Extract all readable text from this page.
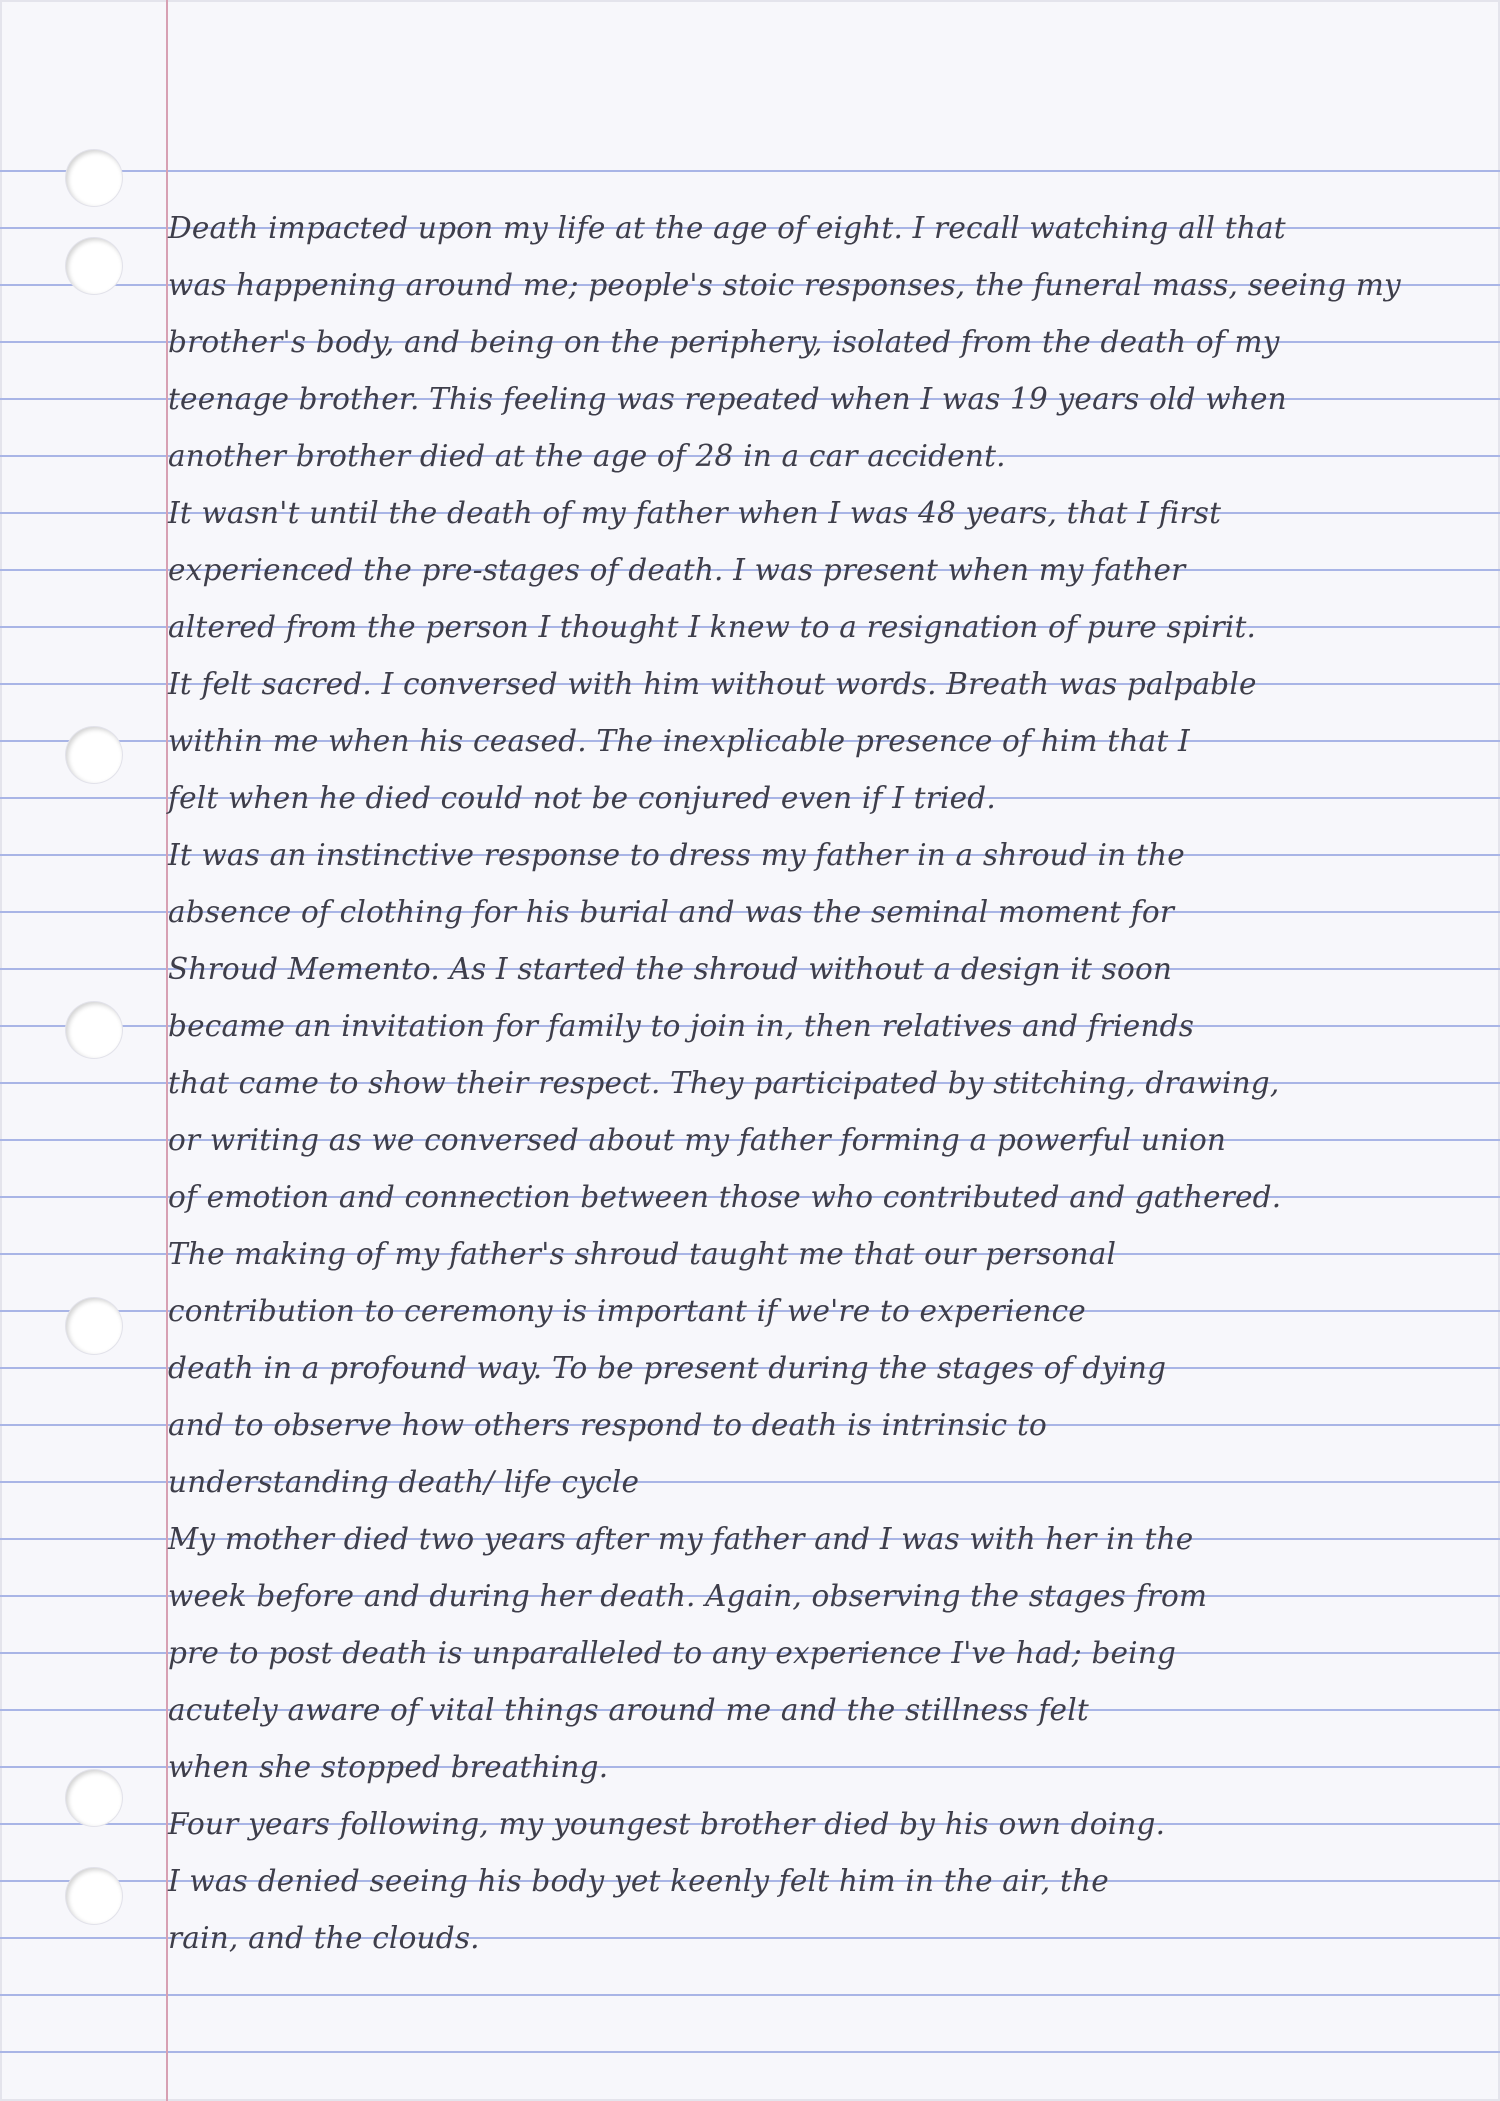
Death impacted upon my life at the age of eight. I recall watching all that
was happening around me; people's stoic responses, the funeral mass, seeing my
brother's body, and being on the periphery, isolated from the death of my
teenage brother. This feeling was repeated when I was 19 years old when
another brother died at the age of 28 in a car accident.
It wasn't until the death of my father when I was 48 years, that I first
experienced the pre-stages of death. I was present when my father
altered from the person I thought I knew to a resignation of pure spirit.
It felt sacred. I conversed with him without words. Breath was palpable
within me when his ceased. The inexplicable presence of him that I
felt when he died could not be conjured even if I tried.
It was an instinctive response to dress my father in a shroud in the
absence of clothing for his burial and was the seminal moment for
Shroud Memento. As I started the shroud without a design it soon
became an invitation for family to join in, then relatives and friends
that came to show their respect. They participated by stitching, drawing,
or writing as we conversed about my father forming a powerful union
of emotion and connection between those who contributed and gathered.
The making of my father's shroud taught me that our personal
contribution to ceremony is important if we're to experience
death in a profound way. To be present during the stages of dying
and to observe how others respond to death is intrinsic to
understanding death/ life cycle
My mother died two years after my father and I was with her in the
week before and during her death. Again, observing the stages from
pre to post death is unparalleled to any experience I've had; being
acutely aware of vital things around me and the stillness felt
when she stopped breathing.
Four years following, my youngest brother died by his own doing.
I was denied seeing his body yet keenly felt him in the air, the
rain, and the clouds.
